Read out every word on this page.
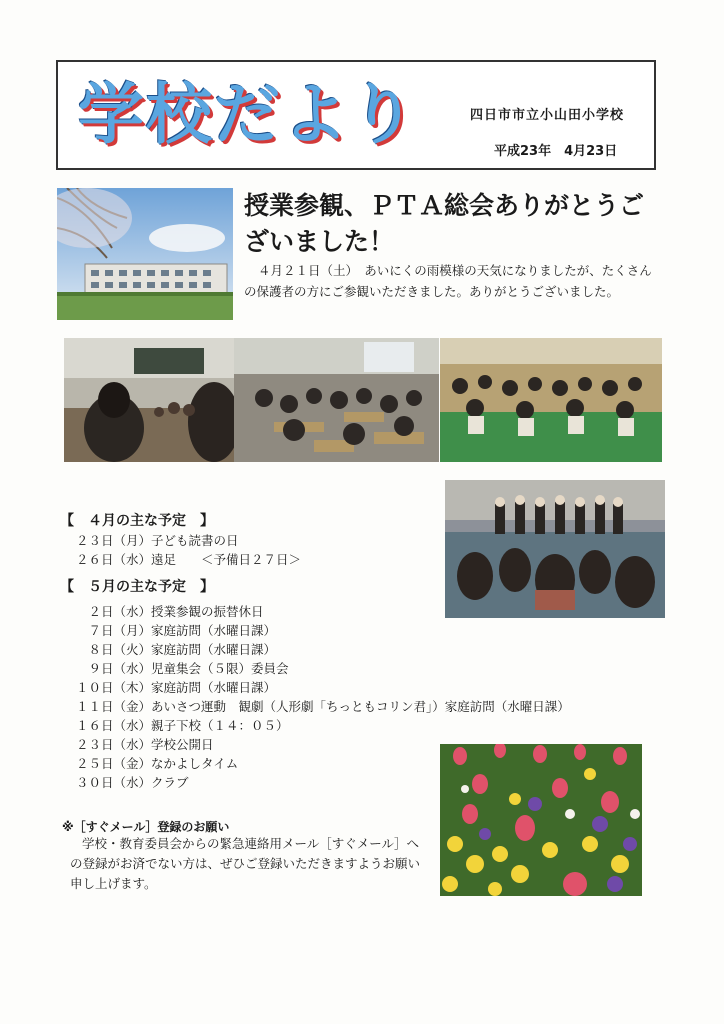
学校だより	四日市市立小山田小学校
平成23年　4月23日
授業参観、ＰＴＡ総会ありがとうございました！
４月２１日（土）　あいにくの雨模様の天気になりましたが、たくさんの保護者の方にご参観いただきました。ありがとうございました。
【　４月の主な予定　】
２３日（月）子ども読書の日
２６日（水）遠足　　＜予備日２７日＞
【　５月の主な予定　】
　２日（水）授業参観の振替休日
　７日（月）家庭訪問（水曜日課）
　８日（火）家庭訪問（水曜日課）
　９日（水）児童集会（５限）委員会
１０日（木）家庭訪問（水曜日課）
１１日（金）あいさつ運動　観劇（人形劇「ちっともコリン君」）家庭訪問（水曜日課）
１６日（水）親子下校（１４：０５）
２３日（水）学校公開日
２５日（金）なかよしタイム
３０日（水）クラブ
※［すぐメール］登録のお願い
学校・教育委員会からの緊急連絡用メール［すぐメール］への登録がお済でない方は、ぜひご登録いただきますようお願い申し上げます。
